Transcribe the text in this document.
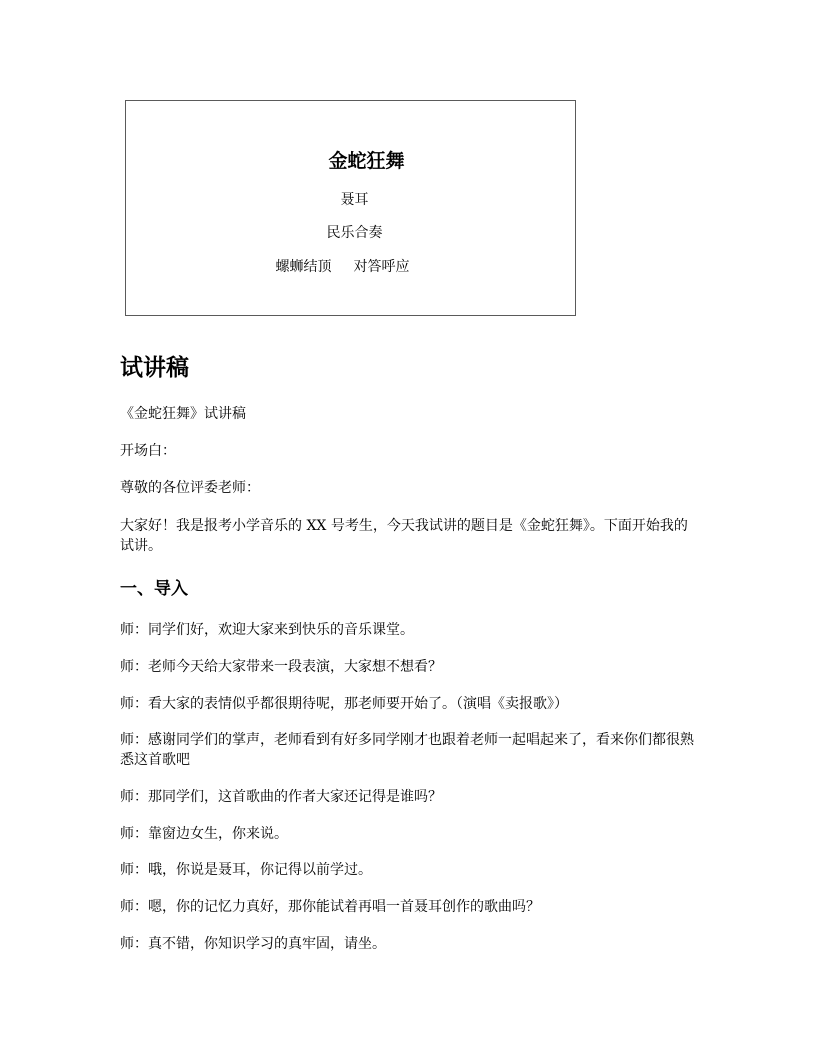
金蛇狂舞
聂耳
民乐合奏
螺蛳结顶 对答呼应
试讲稿
《金蛇狂舞》试讲稿
开场白：
尊敬的各位评委老师：
大家好！我是报考小学音乐的 XX 号考生，今天我试讲的题目是《金蛇狂舞》。下面开始我的试讲。
一、导入
师：同学们好，欢迎大家来到快乐的音乐课堂。
师：老师今天给大家带来一段表演，大家想不想看？
师：看大家的表情似乎都很期待呢，那老师要开始了。（演唱《卖报歌》）
师：感谢同学们的掌声，老师看到有好多同学刚才也跟着老师一起唱起来了，看来你们都很熟悉这首歌吧
师：那同学们，这首歌曲的作者大家还记得是谁吗？
师：靠窗边女生，你来说。
师：哦，你说是聂耳，你记得以前学过。
师：嗯，你的记忆力真好，那你能试着再唱一首聂耳创作的歌曲吗？
师：真不错，你知识学习的真牢固，请坐。
